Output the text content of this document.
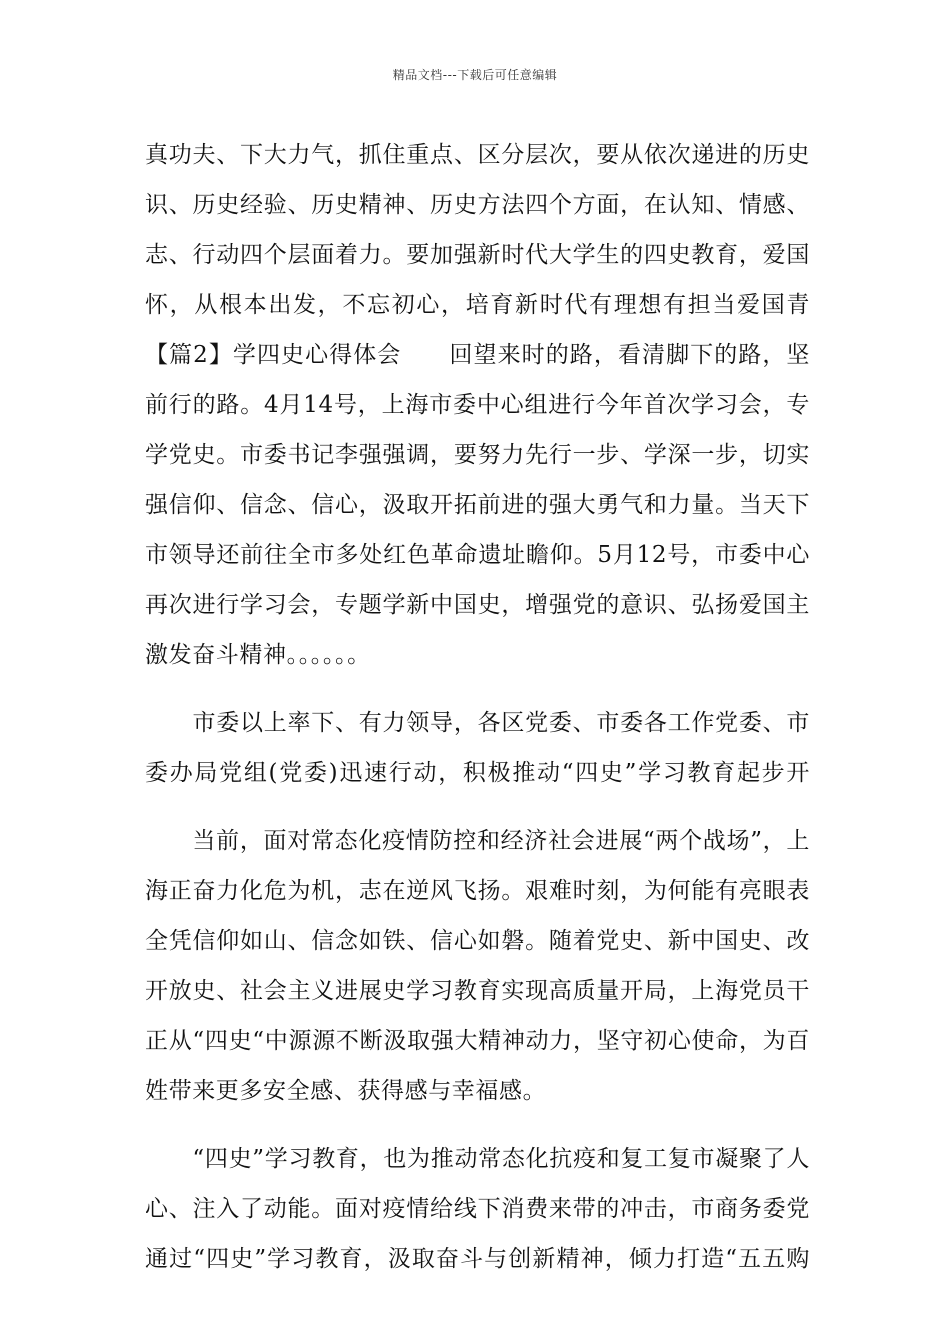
精品文档---下载后可任意编辑
真功夫、下大力气，抓住重点、区分层次，要从依次递进的历史
识、历史经验、历史精神、历史方法四个方面，在认知、情感、
志、行动四个层面着力。要加强新时代大学生的四史教育，爱国
怀，从根本出发，不忘初心，培育新时代有理想有担当爱国青
【篇2】学四史心得体会　　回望来时的路，看清脚下的路，坚
前行的路。4月14号，上海市委中心组进行今年首次学习会，专
学党史。市委书记李强强调，要努力先行一步、学深一步，切实
强信仰、信念、信心，汲取开拓前进的强大勇气和力量。当天下
市领导还前往全市多处红色革命遗址瞻仰。5月12号，市委中心
再次进行学习会，专题学新中国史，增强党的意识、弘扬爱国主
激发奋斗精神。。。。。。
　　市委以上率下、有力领导，各区党委、市委各工作党委、市
委办局党组(党委)迅速行动，积极推动“四史”学习教育起步开
　　当前，面对常态化疫情防控和经济社会进展“两个战场”，上
海正奋力化危为机，志在逆风飞扬。艰难时刻，为何能有亮眼表
全凭信仰如山、信念如铁、信心如磐。随着党史、新中国史、改
开放史、社会主义进展史学习教育实现高质量开局，上海党员干
正从“四史“中源源不断汲取强大精神动力，坚守初心使命，为百
姓带来更多安全感、获得感与幸福感。
　　“四史”学习教育，也为推动常态化抗疫和复工复市凝聚了人
心、注入了动能。面对疫情给线下消费来带的冲击，市商务委党
通过“四史”学习教育，汲取奋斗与创新精神，倾力打造“五五购
